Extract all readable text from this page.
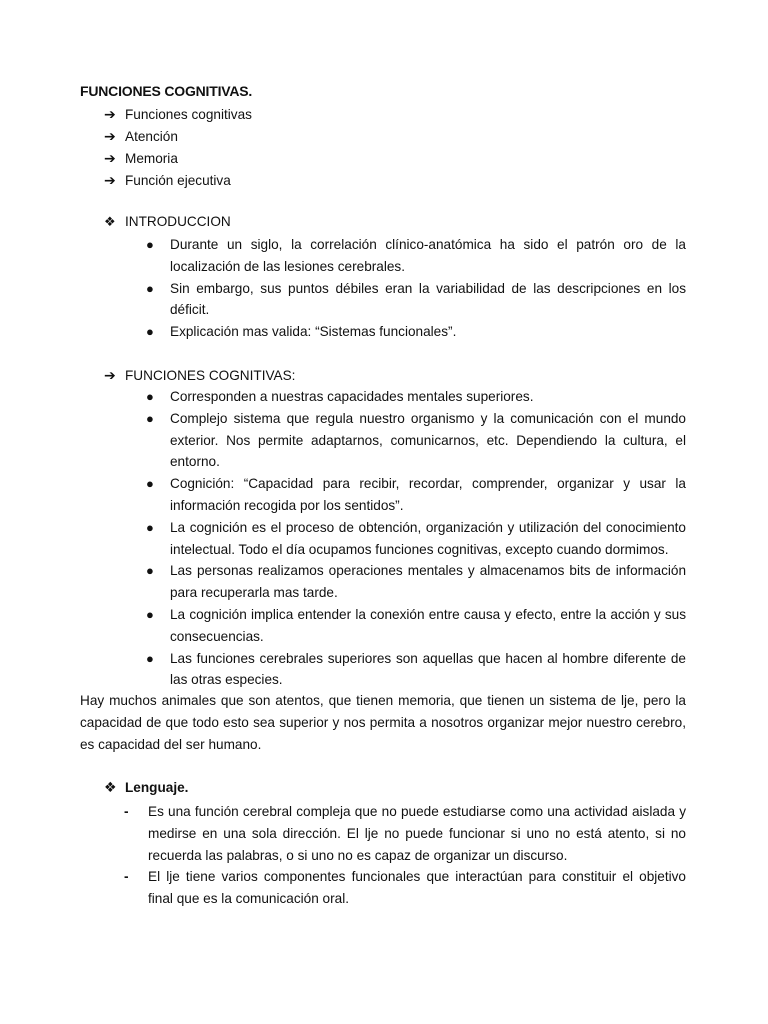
FUNCIONES COGNITIVAS.
➔ Funciones cognitivas
➔ Atención
➔ Memoria
➔ Función ejecutiva
❖ INTRODUCCION
● Durante un siglo, la correlación clínico-anatómica ha sido el patrón oro de la localización de las lesiones cerebrales.
● Sin embargo, sus puntos débiles eran la variabilidad de las descripciones en los déficit.
● Explicación mas valida: “Sistemas funcionales”.
➔ FUNCIONES COGNITIVAS:
● Corresponden a nuestras capacidades mentales superiores.
● Complejo sistema que regula nuestro organismo y la comunicación con el mundo exterior. Nos permite adaptarnos, comunicarnos, etc. Dependiendo la cultura, el entorno.
● Cognición: “Capacidad para recibir, recordar, comprender, organizar y usar la información recogida por los sentidos”.
● La cognición es el proceso de obtención, organización y utilización del conocimiento intelectual. Todo el día ocupamos funciones cognitivas, excepto cuando dormimos.
● Las personas realizamos operaciones mentales y almacenamos bits de información para recuperarla mas tarde.
● La cognición implica entender la conexión entre causa y efecto, entre la acción y sus consecuencias.
● Las funciones cerebrales superiores son aquellas que hacen al hombre diferente de las otras especies.

Hay muchos animales que son atentos, que tienen memoria, que tienen un sistema de lje, pero la capacidad de que todo esto sea superior y nos permita a nosotros organizar mejor nuestro cerebro, es capacidad del ser humano.

❖ Lenguaje.
- Es una función cerebral compleja que no puede estudiarse como una actividad aislada y medirse en una sola dirección. El lje no puede funcionar si uno no está atento, si no recuerda las palabras, o si uno no es capaz de organizar un discurso.
- El lje tiene varios componentes funcionales que interactúan para constituir el objetivo final que es la comunicación oral.
